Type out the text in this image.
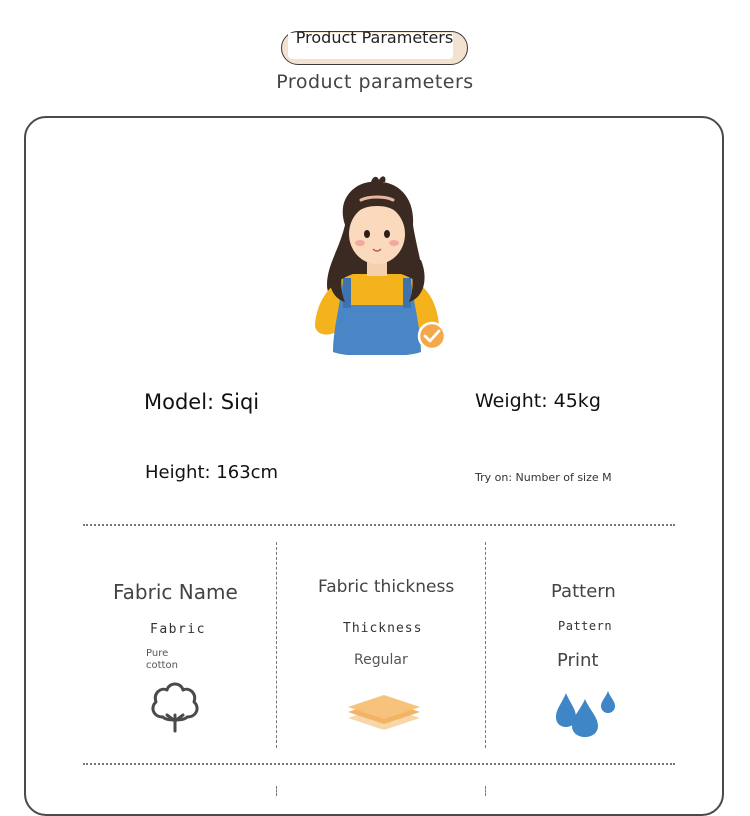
Product Parameters
Product parameters
Model: Siqi	Weight: 45kg
Height: 163cm	Try on: Number of size M
Fabric Name
Fabric
Pure cotton
Fabric thickness
Thickness
Regular
Pattern
Pattern
Print
